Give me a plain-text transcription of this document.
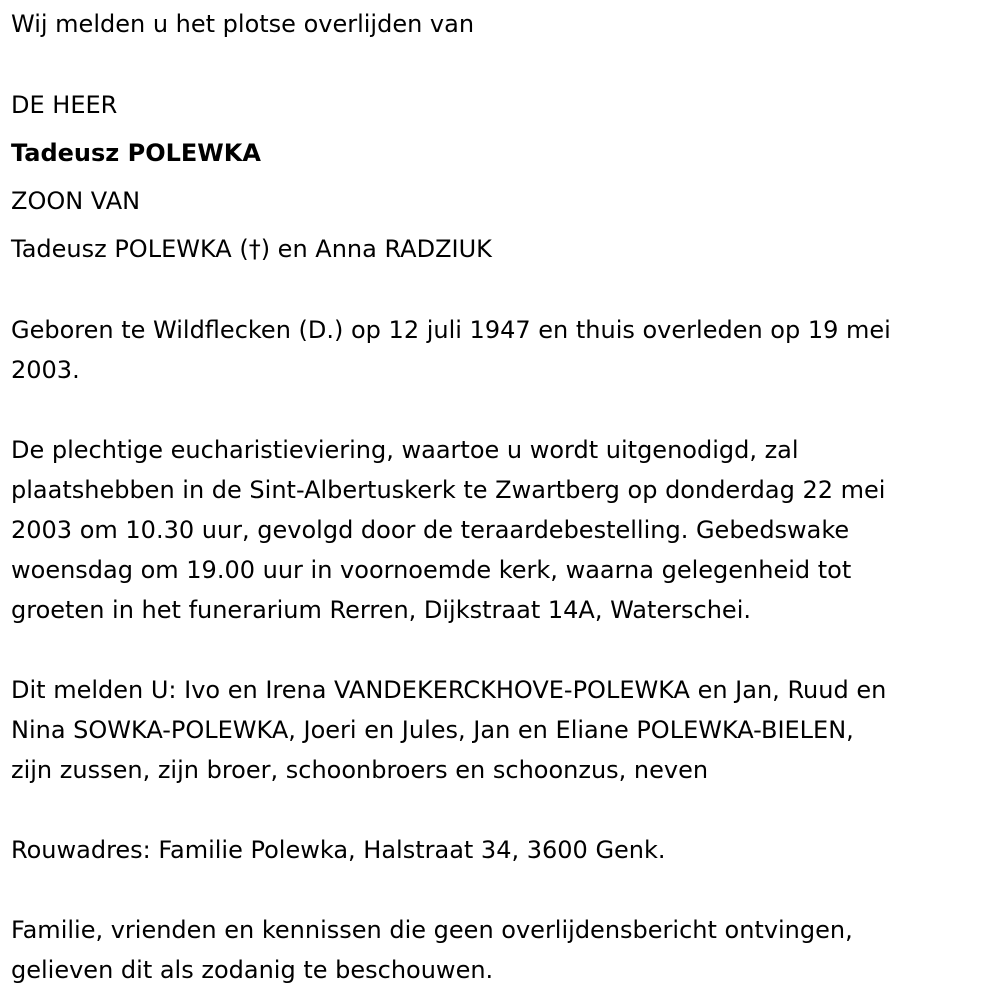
Wij melden u het plotse overlijden van

DE HEER

Tadeusz POLEWKA

ZOON VAN

Tadeusz POLEWKA (†) en Anna RADZIUK

Geboren te Wildflecken (D.) op 12 juli 1947 en thuis overleden op 19 mei

2003.

De plechtige eucharistieviering, waartoe u wordt uitgenodigd, zal

plaatshebben in de Sint-Albertuskerk te Zwartberg op donderdag 22 mei

2003 om 10.30 uur, gevolgd door de teraardebestelling. Gebedswake

woensdag om 19.00 uur in voornoemde kerk, waarna gelegenheid tot

groeten in het funerarium Rerren, Dijkstraat 14A, Waterschei.

Dit melden U: Ivo en Irena VANDEKERCKHOVE-POLEWKA en Jan, Ruud en

Nina SOWKA-POLEWKA, Joeri en Jules, Jan en Eliane POLEWKA-BIELEN,

zijn zussen, zijn broer, schoonbroers en schoonzus, neven

Rouwadres: Familie Polewka, Halstraat 34, 3600 Genk.

Familie, vrienden en kennissen die geen overlijdensbericht ontvingen,

gelieven dit als zodanig te beschouwen.
